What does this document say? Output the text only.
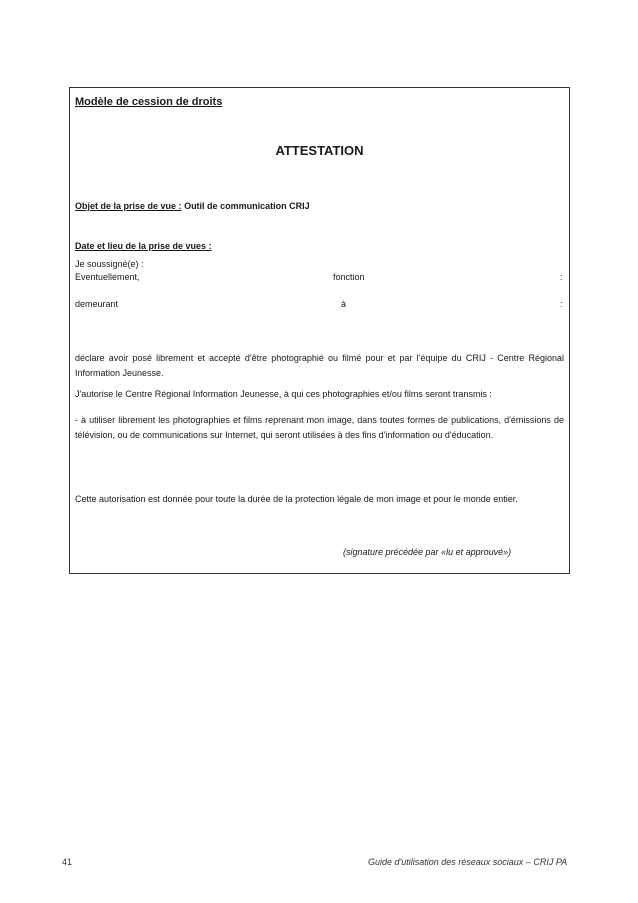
Modèle de cession de droits
ATTESTATION
Objet de la prise de vue : Outil de communication CRIJ
Date et lieu de la prise de vues :
Je soussigné(e) :
Eventuellement,	fonction	:
demeurant	à	:
déclare avoir posé librement et accepté d'être photographié ou filmé pour et par l'équipe du CRIJ - Centre Régional Information Jeunesse.
J'autorise le Centre Régional Information Jeunesse, à qui ces photographies et/ou films seront transmis :
- à utiliser librement les photographies et films reprenant mon image, dans toutes formes de publications, d'émissions de télévision, ou de communications sur Internet, qui seront utilisées à des fins d'information ou d'éducation.
Cette autorisation est donnée pour toute la durée de la protection légale de mon image et pour le monde entier.
(signature précédée par «lu et approuvé»)
41	Guide d'utilisation des réseaux sociaux – CRIJ PA
